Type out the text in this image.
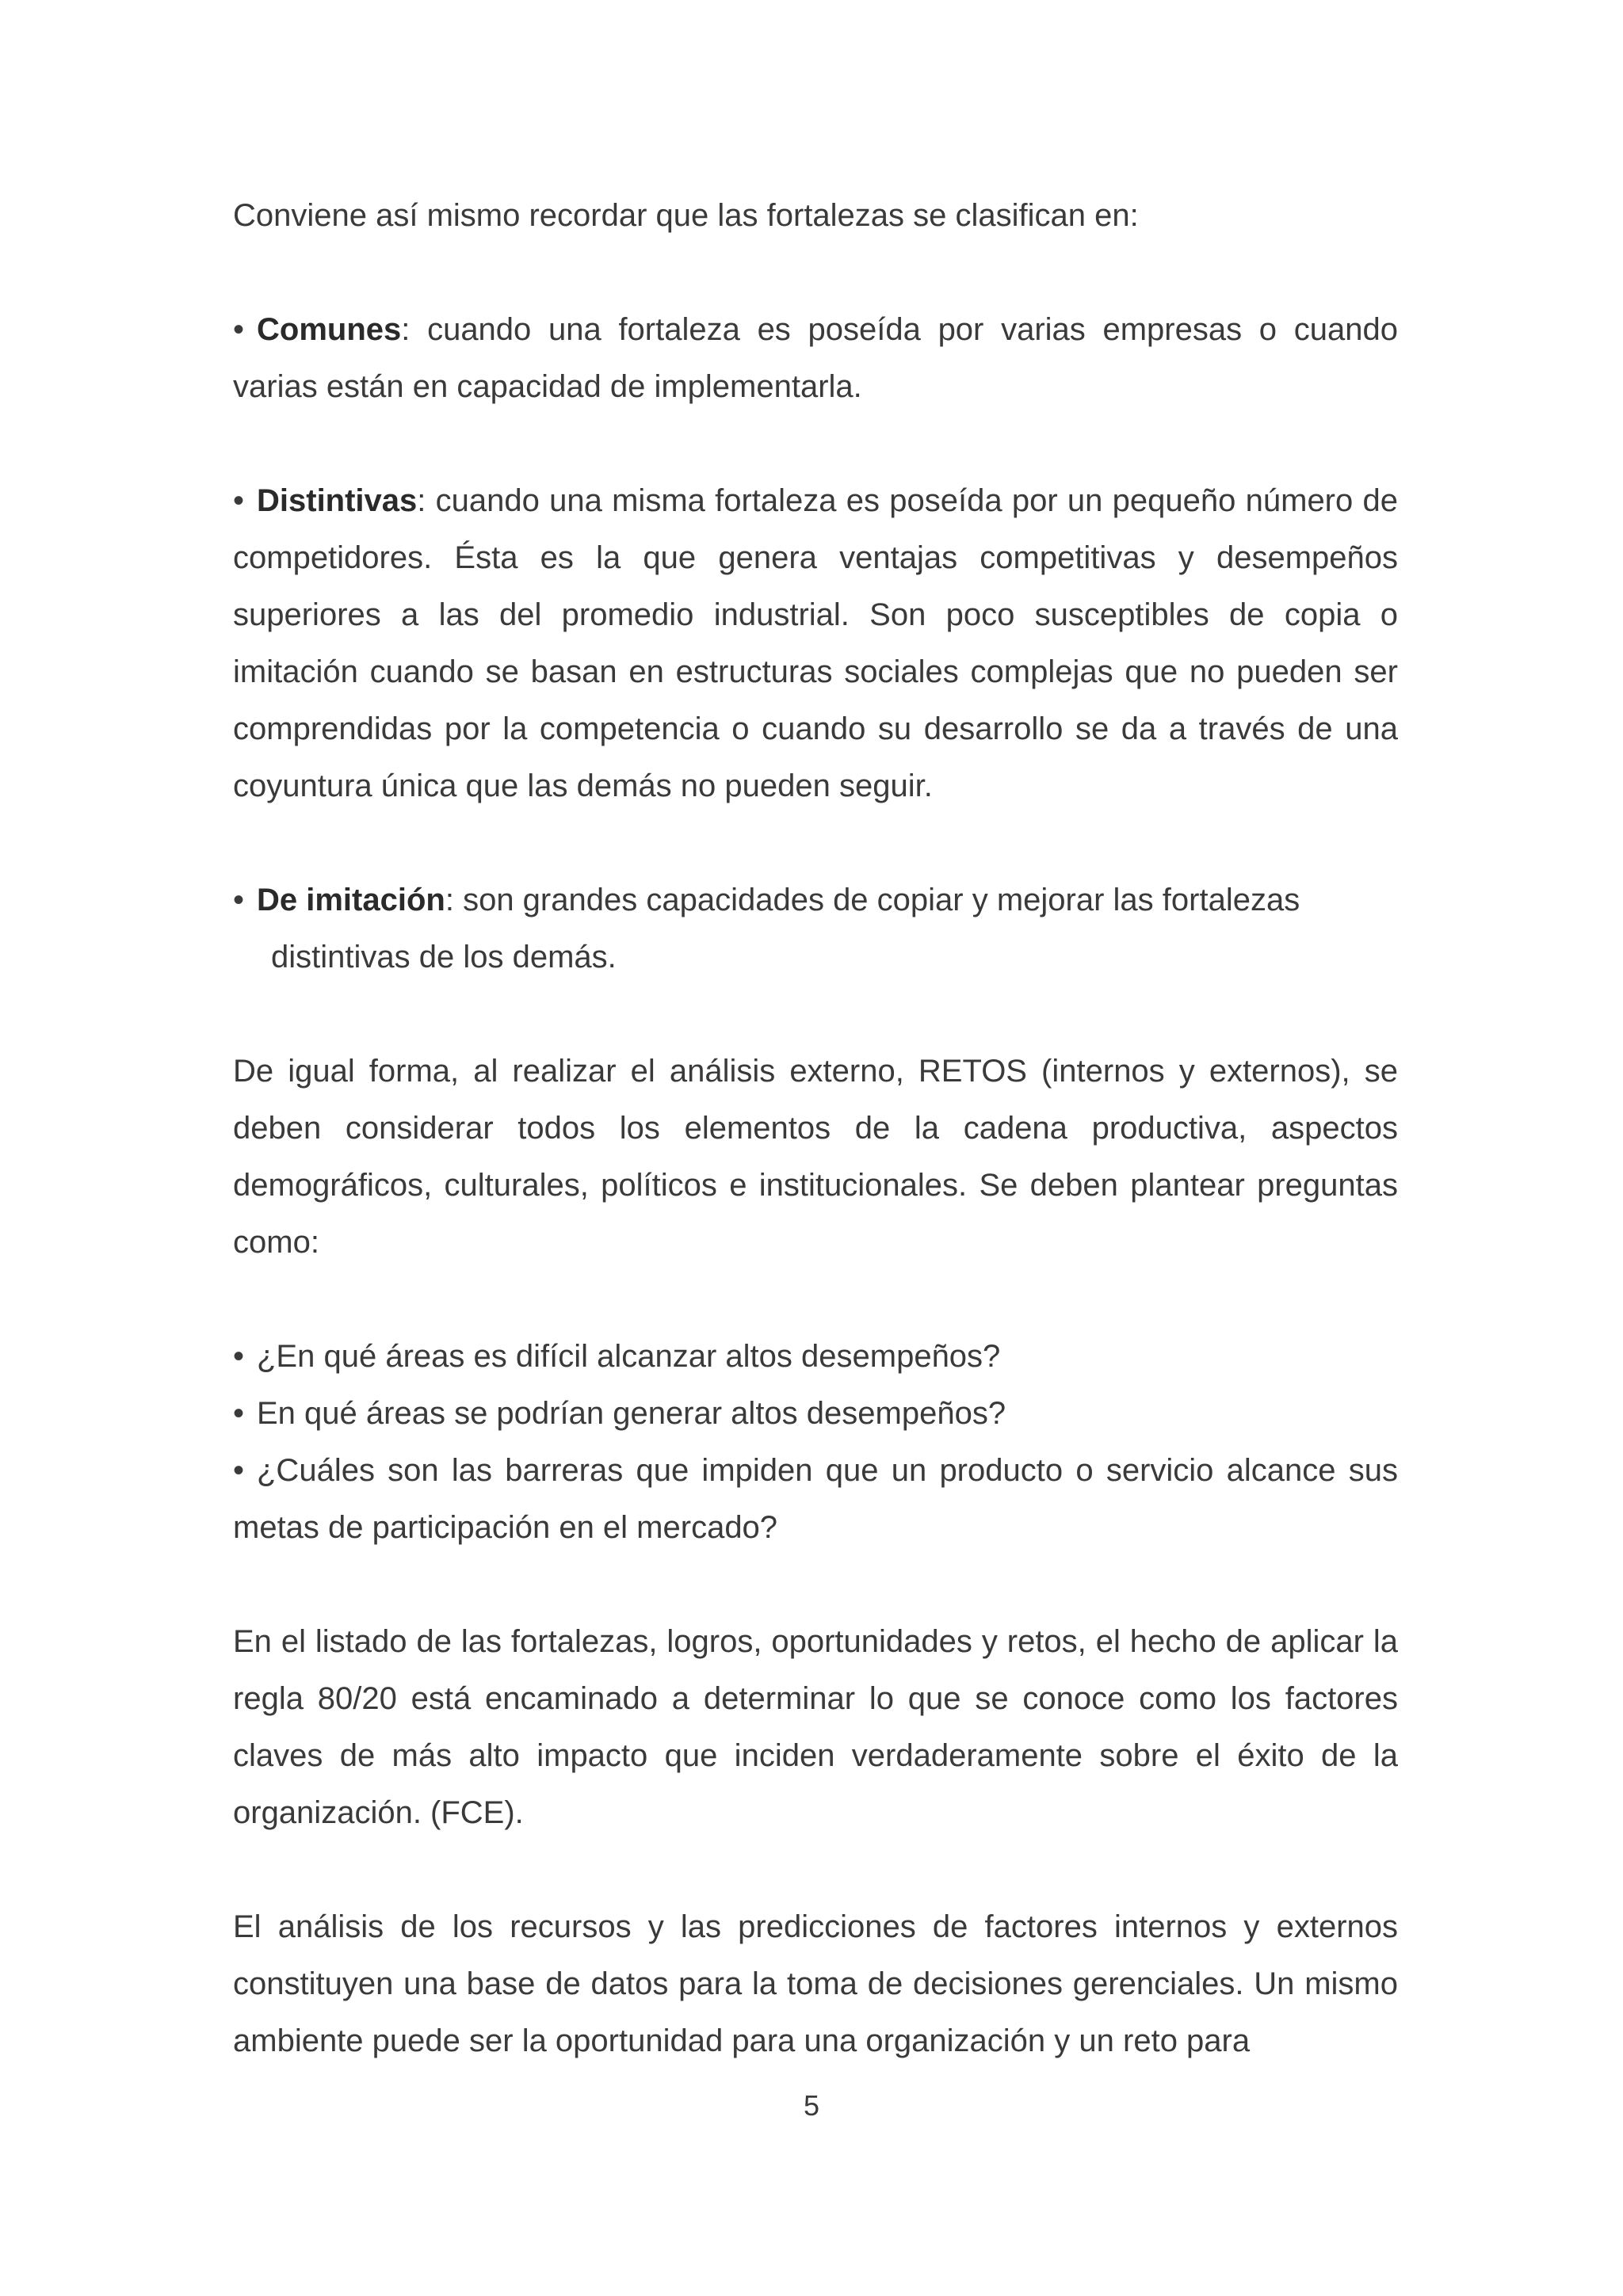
Conviene así mismo recordar que las fortalezas se clasifican en:

• Comunes: cuando una fortaleza es poseída por varias empresas o cuando varias están en capacidad de implementarla.

• Distintivas: cuando una misma fortaleza es poseída por un pequeño número de competidores. Ésta es la que genera ventajas competitivas y desempeños superiores a las del promedio industrial. Son poco susceptibles de copia o imitación cuando se basan en estructuras sociales complejas que no pueden ser comprendidas por la competencia o cuando su desarrollo se da a través de una coyuntura única que las demás no pueden seguir.

• De imitación: son grandes capacidades de copiar y mejorar las fortalezas
distintivas de los demás.

De igual forma, al realizar el análisis externo, RETOS (internos y externos), se deben considerar todos los elementos de la cadena productiva, aspectos demográficos, culturales, políticos e institucionales. Se deben plantear preguntas como:

• ¿En qué áreas es difícil alcanzar altos desempeños?

• En qué áreas se podrían generar altos desempeños?

• ¿Cuáles son las barreras que impiden que un producto o servicio alcance sus metas de participación en el mercado?

En el listado de las fortalezas, logros, oportunidades y retos, el hecho de aplicar la regla 80/20 está encaminado a determinar lo que se conoce como los factores claves de más alto impacto que inciden verdaderamente sobre el éxito de la organización. (FCE).

El análisis de los recursos y las predicciones de factores internos y externos constituyen una base de datos para la toma de decisiones gerenciales. Un mismo ambiente puede ser la oportunidad para una organización y un reto para

5
